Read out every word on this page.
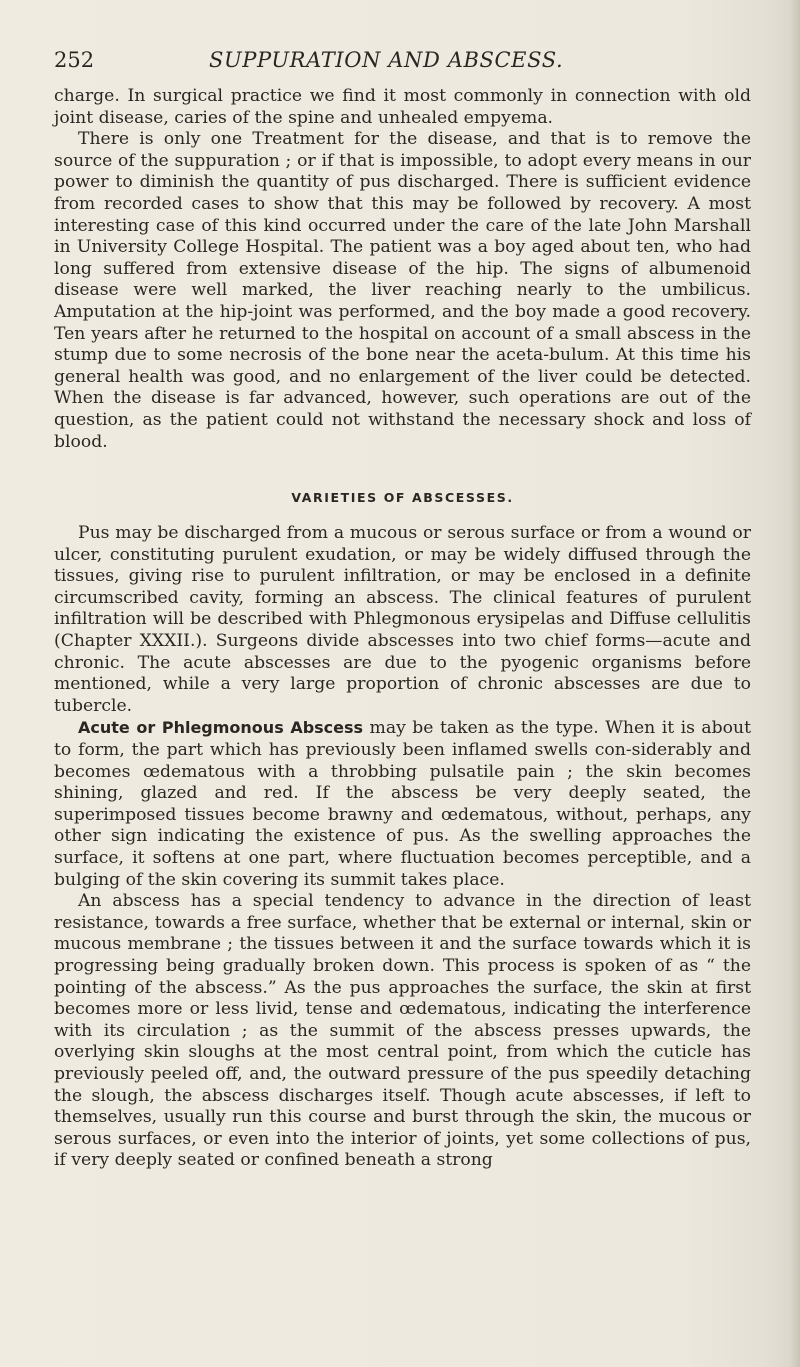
252	SUPPURATION AND ABSCESS.

charge. In surgical practice we find it most commonly in connection with old joint disease, caries of the spine and unhealed empyema.

There is only one Treatment for the disease, and that is to remove the source of the suppuration ; or if that is impossible, to adopt every means in our power to diminish the quantity of pus discharged. There is sufficient evidence from recorded cases to show that this may be followed by recovery. A most interesting case of this kind occurred under the care of the late John Marshall in University College Hospital. The patient was a boy aged about ten, who had long suffered from extensive disease of the hip. The signs of albumenoid disease were well marked, the liver reaching nearly to the umbilicus. Amputation at the hip-joint was performed, and the boy made a good recovery. Ten years after he returned to the hospital on account of a small abscess in the stump due to some necrosis of the bone near the aceta-bulum. At this time his general health was good, and no enlargement of the liver could be detected. When the disease is far advanced, however, such operations are out of the question, as the patient could not withstand the necessary shock and loss of blood.

VARIETIES OF ABSCESSES.

Pus may be discharged from a mucous or serous surface or from a wound or ulcer, constituting purulent exudation, or may be widely diffused through the tissues, giving rise to purulent infiltration, or may be enclosed in a definite circumscribed cavity, forming an abscess. The clinical features of purulent infiltration will be described with Phlegmonous erysipelas and Diffuse cellulitis (Chapter XXXII.). Surgeons divide abscesses into two chief forms—acute and chronic. The acute abscesses are due to the pyogenic organisms before mentioned, while a very large proportion of chronic abscesses are due to tubercle.

Acute or Phlegmonous Abscess may be taken as the type. When it is about to form, the part which has previously been inflamed swells con-siderably and becomes œdematous with a throbbing pulsatile pain ; the skin becomes shining, glazed and red. If the abscess be very deeply seated, the superimposed tissues become brawny and œdematous, without, perhaps, any other sign indicating the existence of pus. As the swelling approaches the surface, it softens at one part, where fluctuation becomes perceptible, and a bulging of the skin covering its summit takes place.

An abscess has a special tendency to advance in the direction of least resistance, towards a free surface, whether that be external or internal, skin or mucous membrane ; the tissues between it and the surface towards which it is progressing being gradually broken down. This process is spoken of as “ the pointing of the abscess.” As the pus approaches the surface, the skin at first becomes more or less livid, tense and œdematous, indicating the interference with its circulation ; as the summit of the abscess presses upwards, the overlying skin sloughs at the most central point, from which the cuticle has previously peeled off, and, the outward pressure of the pus speedily detaching the slough, the abscess discharges itself. Though acute abscesses, if left to themselves, usually run this course and burst through the skin, the mucous or serous surfaces, or even into the interior of joints, yet some collections of pus, if very deeply seated or confined beneath a strong
